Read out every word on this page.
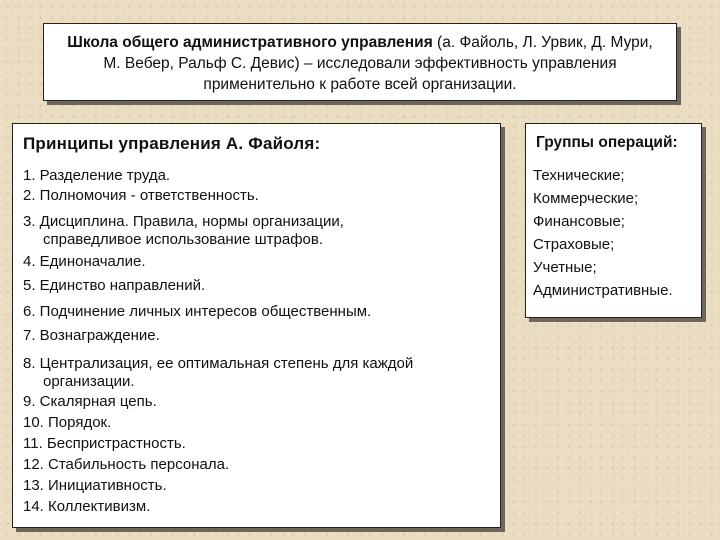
Школа общего административного управления (а. Файоль, Л. Урвик, Д. Мури, М. Вебер, Ральф С. Девис) – исследовали эффективность управления применительно к работе всей организации.
Принципы управления А. Файоля:
1. Разделение труда.
2. Полномочия - ответственность.
3. Дисциплина. Правила, нормы организации,
справедливое использование штрафов.
4. Единоначалие.
5. Единство направлений.
6. Подчинение личных интересов общественным.
7. Вознаграждение.
8. Централизация, ее оптимальная степень для каждой
организации.
9. Скалярная цепь.
10. Порядок.
11. Беспристрастность.
12. Стабильность персонала.
13. Инициативность.
14. Коллективизм.
Группы операций:
Технические;
Коммерческие;
Финансовые;
Страховые;
Учетные;
Административные.
